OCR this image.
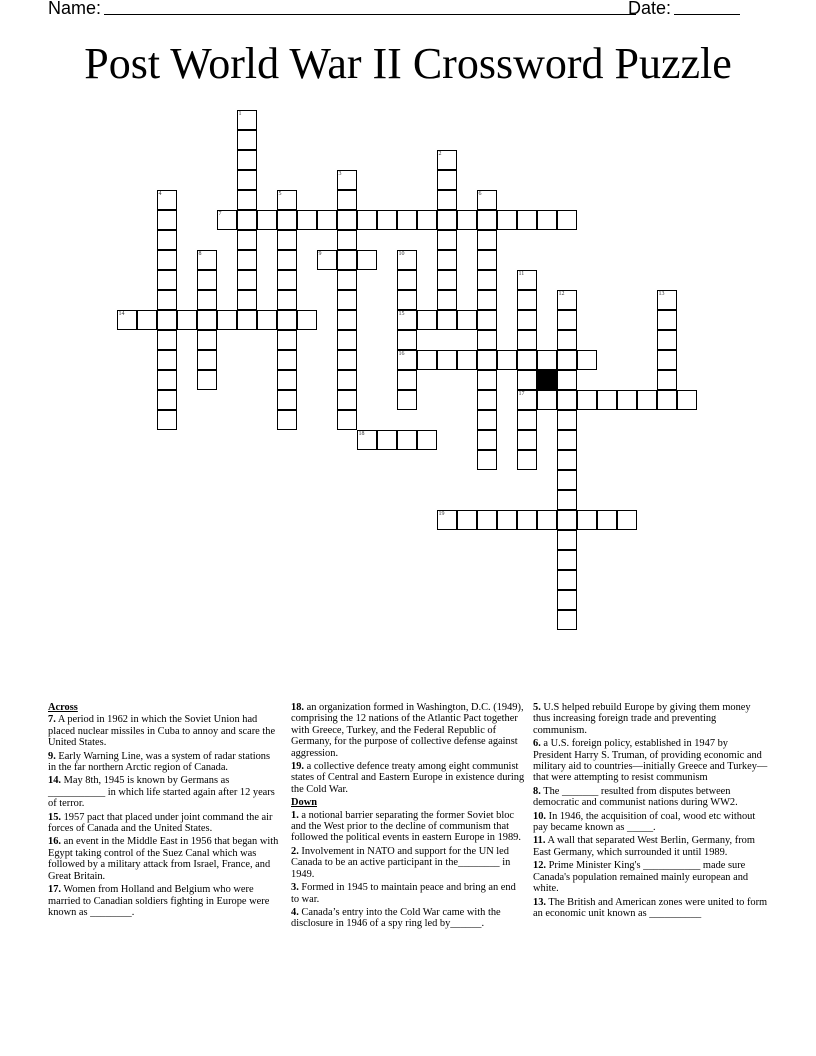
Name:	Date:
Post World War II Crossword Puzzle
1
2
3
4	5	6
7
8	9	10
15
16
11
17
12	13
14
18
19
Across
7. A period in 1962 in which the Soviet Union had placed nuclear missiles in Cuba to annoy and scare the United States.
9. Early Warning Line, was a system of radar stations in the far northern Arctic region of Canada.
14. May 8th, 1945 is known by Germans as ___________ in which life started again after 12 years of terror.
15. 1957 pact that placed under joint command the air forces of Canada and the United States.
16. an event in the Middle East in 1956 that began with Egypt taking control of the Suez Canal which was followed by a military attack from Israel, France, and Great Britain.
17. Women from Holland and Belgium who were married to Canadian soldiers fighting in Europe were known as ________.
18. an organization formed in Washington, D.C. (1949), comprising the 12 nations of the Atlantic Pact together with Greece, Turkey, and the Federal Republic of Germany, for the purpose of collective defense against aggression.
19. a collective defence treaty among eight communist states of Central and Eastern Europe in existence during the Cold War.
Down
1. a notional barrier separating the former Soviet bloc and the West prior to the decline of communism that followed the political events in eastern Europe in 1989.
2. Involvement in NATO and support for the UN led Canada to be an active participant in the________ in 1949.
3. Formed in 1945 to maintain peace and bring an end to war.
4. Canada’s entry into the Cold War came with the disclosure in 1946 of a spy ring led by______.
5. U.S helped rebuild Europe by giving them money thus increasing foreign trade and preventing communism.
6. a U.S. foreign policy, established in 1947 by President Harry S. Truman, of providing economic and military aid to countries—initially Greece and Turkey—that were attempting to resist communism
8. The _______ resulted from disputes between democratic and communist nations during WW2.
10. In 1946, the acquisition of coal, wood etc without pay became known as _____.
11. A wall that separated West Berlin, Germany, from East Germany, which surrounded it until 1989.
12. Prime Minister King's ___________ made sure Canada's population remained mainly european and white.
13. The British and American zones were united to form an economic unit known as __________
